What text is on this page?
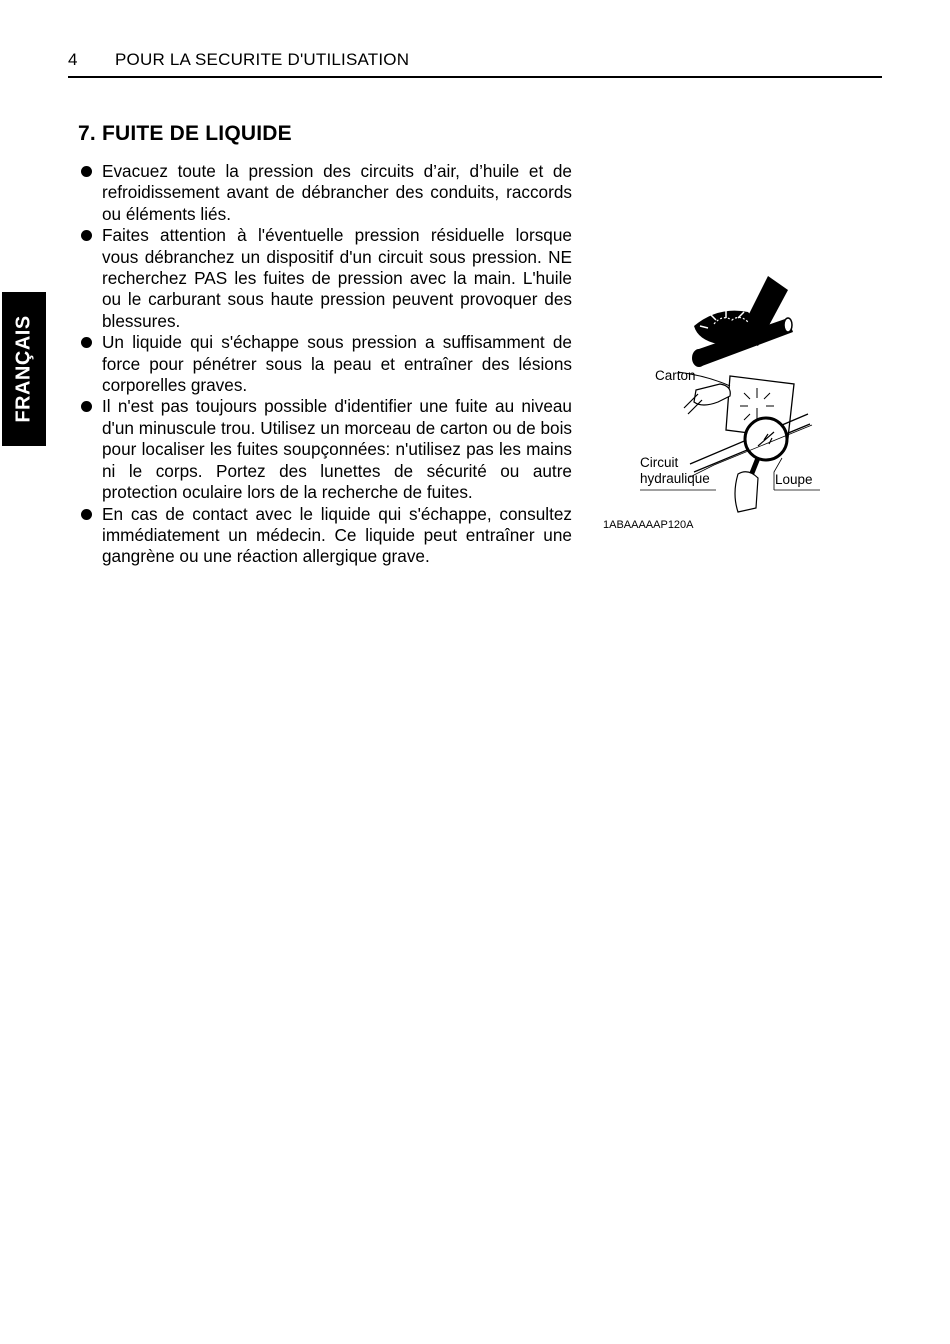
4 POUR LA SECURITE D'UTILISATION
FRANÇAIS
7. FUITE DE LIQUIDE
Evacuez toute la pression des circuits d’air, d’huile et de refroidissement avant de débrancher des conduits, raccords ou éléments liés.
Faites attention à l'éventuelle pression résiduelle lorsque vous débranchez un dispositif d'un circuit sous pression. NE recherchez PAS les fuites de pression avec la main. L'huile ou le carburant sous haute pression peuvent provoquer des blessures.
Un liquide qui s'échappe sous pression a suffisamment de force pour pénétrer sous la peau et entraîner des lésions corporelles graves.
Il n'est pas toujours possible d'identifier une fuite au niveau d'un minuscule trou. Utilisez un morceau de carton ou de bois pour localiser les fuites soupçonnées: n'utilisez pas les mains ni le corps. Portez des lunettes de sécurité ou autre protection oculaire lors de la recherche de fuites.
En cas de contact avec le liquide qui s'échappe, consultez immédiatement un médecin. Ce liquide peut entraîner une gangrène ou une réaction allergique grave.
Carton
Circuit
hydraulique	Loupe
1ABAAAAAP120A
